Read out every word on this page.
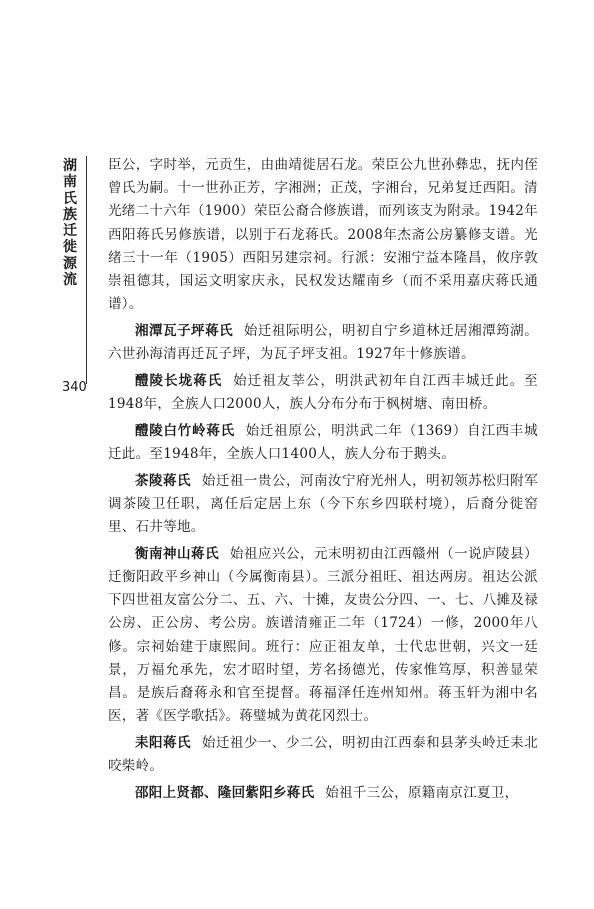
湖南氏族迁徙源流
340

臣公，字时举，元贡生，由曲靖徙居石龙。荣臣公九世孙彝忠，抚内侄曾氏为嗣。十一世孙正芳，字湘洲；正茂，字湘台，兄弟复迁西阳。清光绪二十六年（1900）荣臣公裔合修族谱，而列该支为附录。1942年西阳蒋氏另修族谱，以别于石龙蒋氏。2008年杰斋公房纂修支谱。光绪三十一年（1905）西阳另建宗祠。行派：安湘宁益本隆昌，攸序敦崇祖德其，国运文明家庆永，民权发达耀南乡（而不采用嘉庆蒋氏通谱）。

湘潭瓦子坪蒋氏 始迁祖际明公，明初自宁乡道林迁居湘潭筠湖。六世孙海清再迁瓦子坪，为瓦子坪支祖。1927年十修族谱。

醴陵长垅蒋氏 始迁祖友莘公，明洪武初年自江西丰城迁此。至1948年，全族人口2000人，族人分布分布于枫树塘、南田桥。

醴陵白竹岭蒋氏 始迁祖原公，明洪武二年（1369）自江西丰城迁此。至1948年，全族人口1400人，族人分布于鹅头。

茶陵蒋氏 始迁祖一贵公，河南汝宁府光州人，明初领苏松归附军调茶陵卫任职，离任后定居上东（今下东乡四联村境），后裔分徙窑里、石井等地。

衡南神山蒋氏 始祖应兴公，元末明初由江西赣州（一说庐陵县）迁衡阳政平乡神山（今属衡南县）。三派分祖旺、祖达两房。祖达公派下四世祖友富公分二、五、六、十摊，友贵公分四、一、七、八摊及禄公房、正公房、考公房。族谱清雍正二年（1724）一修，2000年八修。宗祠始建于康熙间。班行：应正祖友单，士代忠世朝，兴文一廷景，万福允承先，宏才昭时望，芳名扬德光，传家惟笃厚，积善显荣昌。是族后裔蒋永和官至提督。蒋福泽任连州知州。蒋玉轩为湘中名医，著《医学歌括》。蒋璧城为黄花冈烈士。

耒阳蒋氏 始迁祖少一、少二公，明初由江西泰和县茅头岭迁耒北咬柴岭。

邵阳上贤都、隆回紫阳乡蒋氏 始祖千三公，原籍南京江夏卫，
